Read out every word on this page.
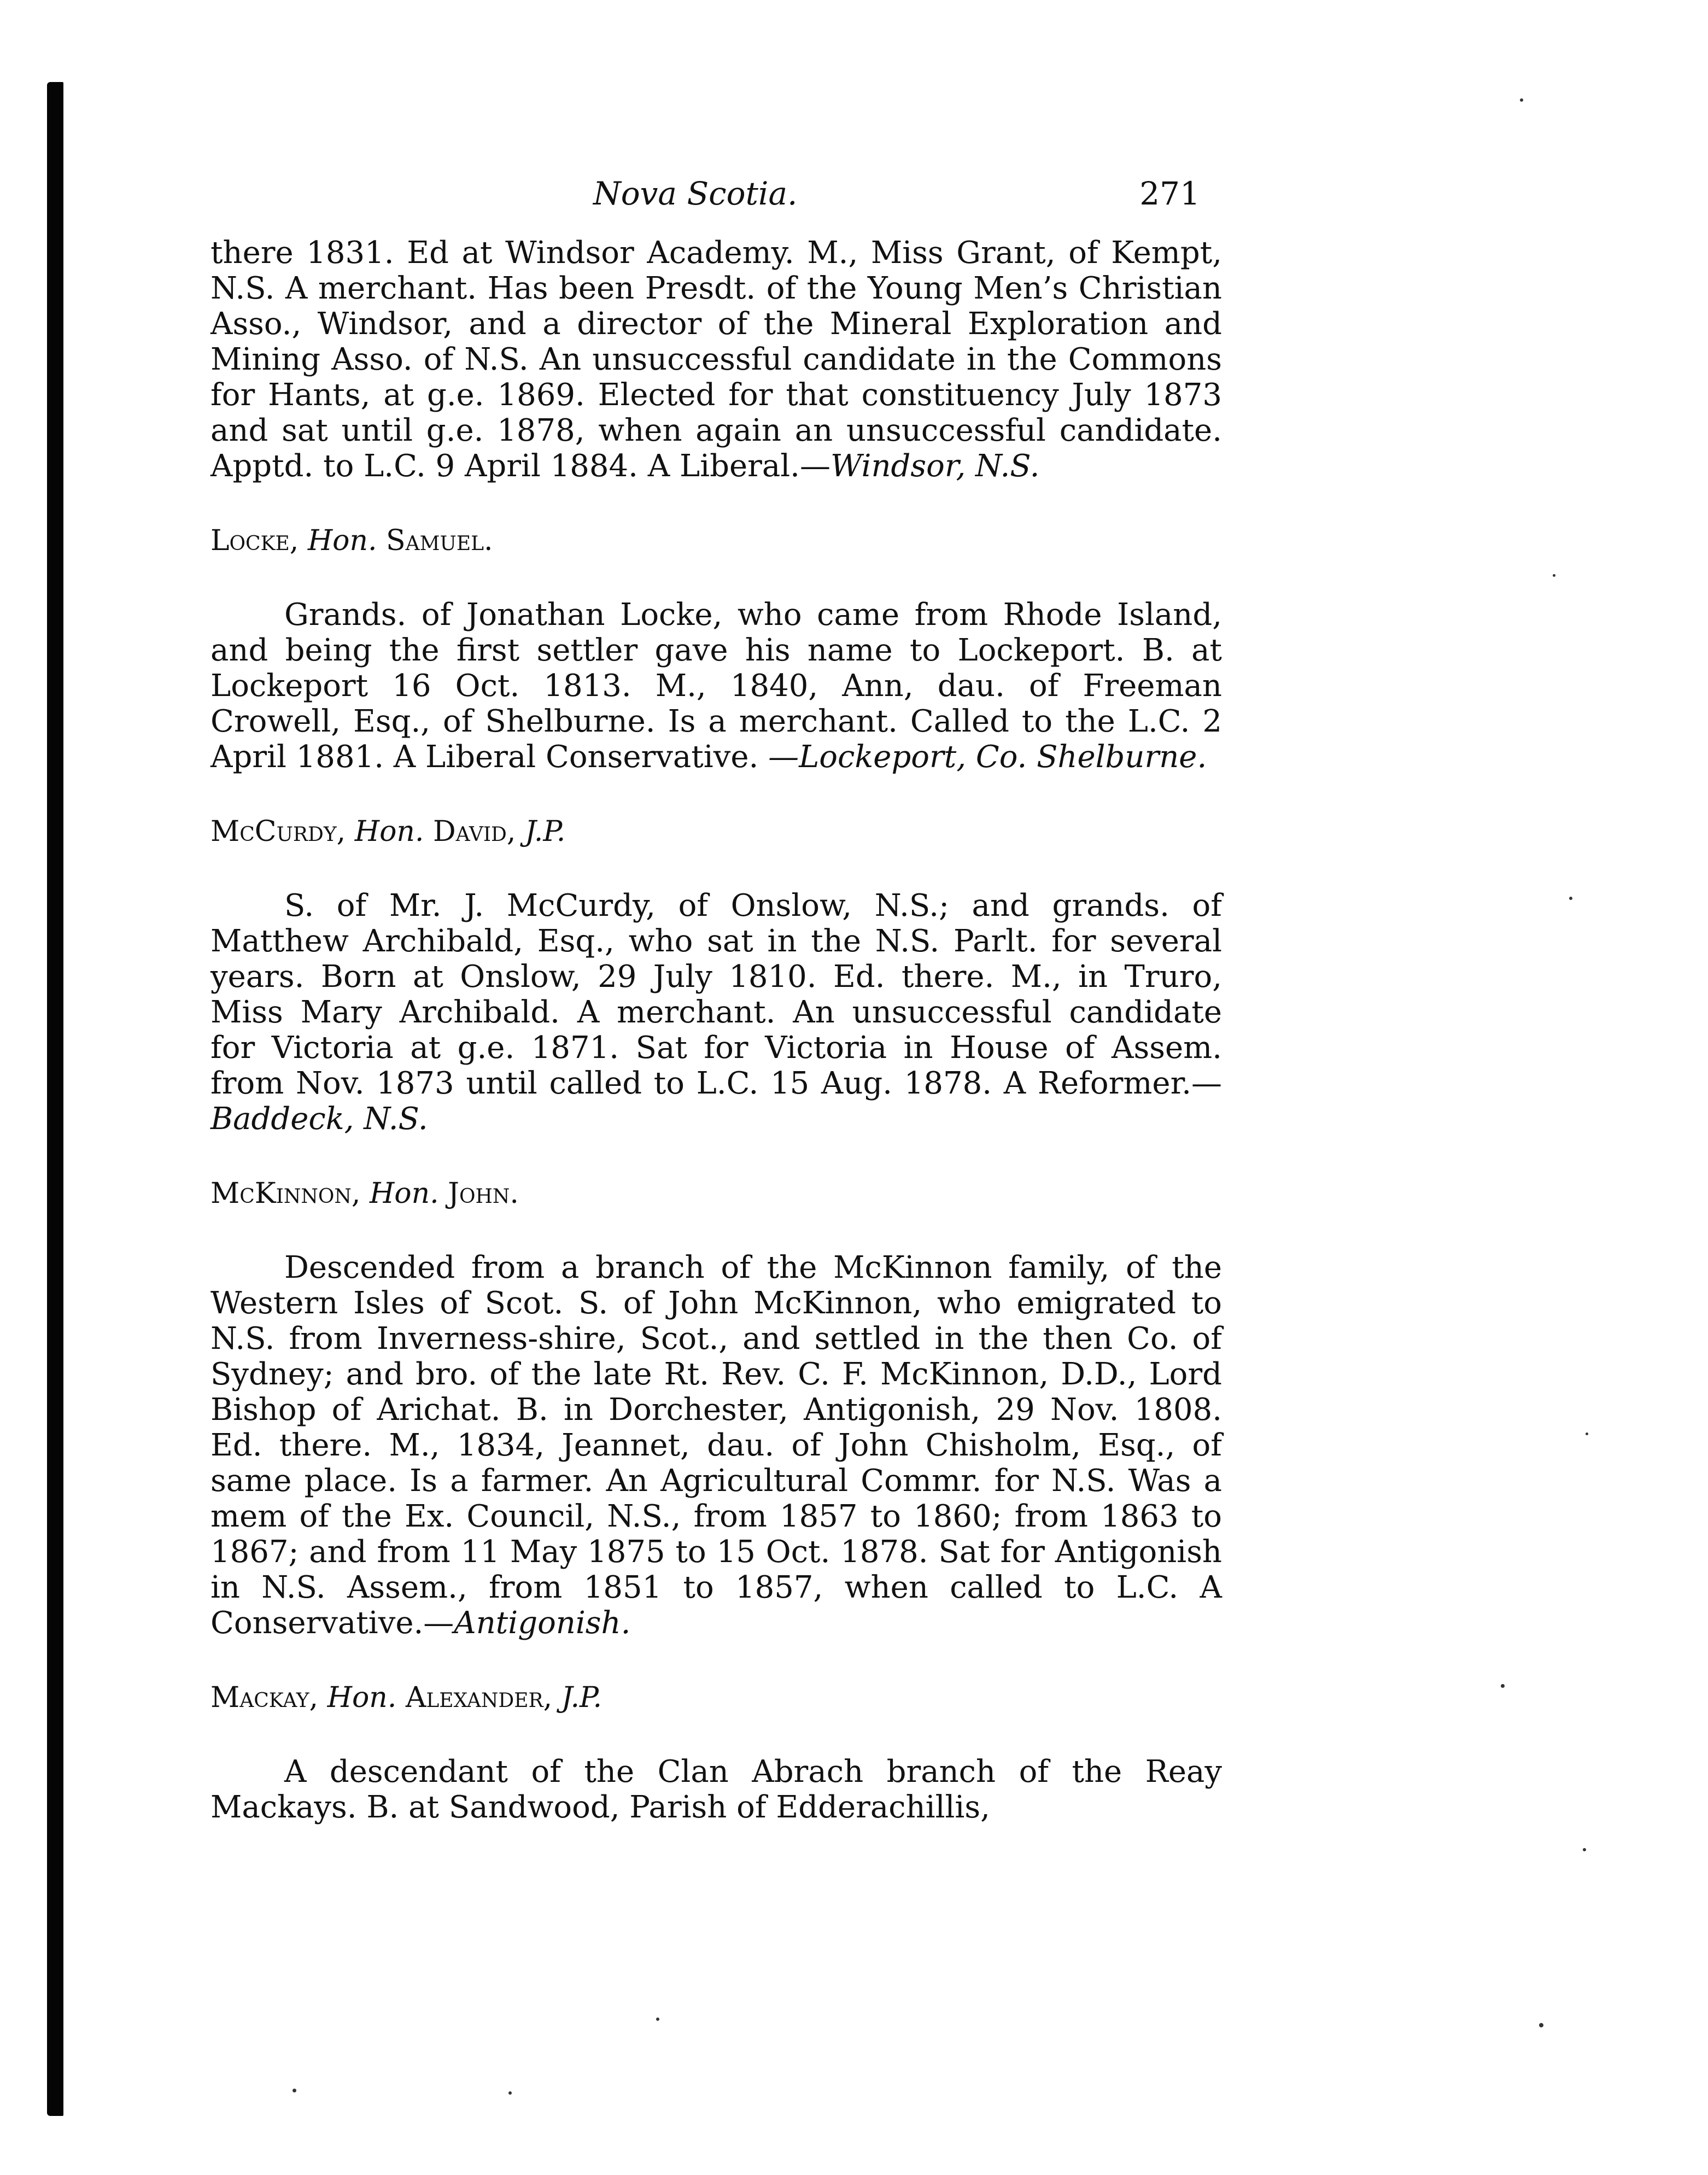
Nova Scotia.	271

there 1831. Ed at Windsor Academy. M., Miss Grant, of Kempt, N.S. A merchant. Has been Presdt. of the Young Men’s Christian Asso., Windsor, and a director of the Mineral Exploration and Mining Asso. of N.S. An unsuccessful candidate in the Commons for Hants, at g.e. 1869. Elected for that constituency July 1873 and sat until g.e. 1878, when again an unsuccessful candidate. Apptd. to L.C. 9 April 1884. A Liberal.—Windsor, N.S.

Locke, Hon. Samuel.

Grands. of Jonathan Locke, who came from Rhode Island, and being the first settler gave his name to Lockeport. B. at Lockeport 16 Oct. 1813. M., 1840, Ann, dau. of Freeman Crowell, Esq., of Shelburne. Is a merchant. Called to the L.C. 2 April 1881. A Liberal Conservative. —Lockeport, Co. Shelburne.

McCurdy, Hon. David, J.P.

S. of Mr. J. McCurdy, of Onslow, N.S.; and grands. of Matthew Archibald, Esq., who sat in the N.S. Parlt. for several years. Born at Onslow, 29 July 1810. Ed. there. M., in Truro, Miss Mary Archibald. A merchant. An unsuccessful candidate for Victoria at g.e. 1871. Sat for Victoria in House of Assem. from Nov. 1873 until called to L.C. 15 Aug. 1878. A Reformer.—Baddeck, N.S.

McKinnon, Hon. John.

Descended from a branch of the McKinnon family, of the Western Isles of Scot. S. of John McKinnon, who emigrated to N.S. from Inverness-shire, Scot., and settled in the then Co. of Sydney; and bro. of the late Rt. Rev. C. F. McKinnon, D.D., Lord Bishop of Arichat. B. in Dorchester, Antigonish, 29 Nov. 1808. Ed. there. M., 1834, Jeannet, dau. of John Chisholm, Esq., of same place. Is a farmer. An Agricultural Commr. for N.S. Was a mem of the Ex. Council, N.S., from 1857 to 1860; from 1863 to 1867; and from 11 May 1875 to 15 Oct. 1878. Sat for Antigonish in N.S. Assem., from 1851 to 1857, when called to L.C. A Conservative.—Antigonish.

Mackay, Hon. Alexander, J.P.

A descendant of the Clan Abrach branch of the Reay Mackays. B. at Sandwood, Parish of Edderachillis,
